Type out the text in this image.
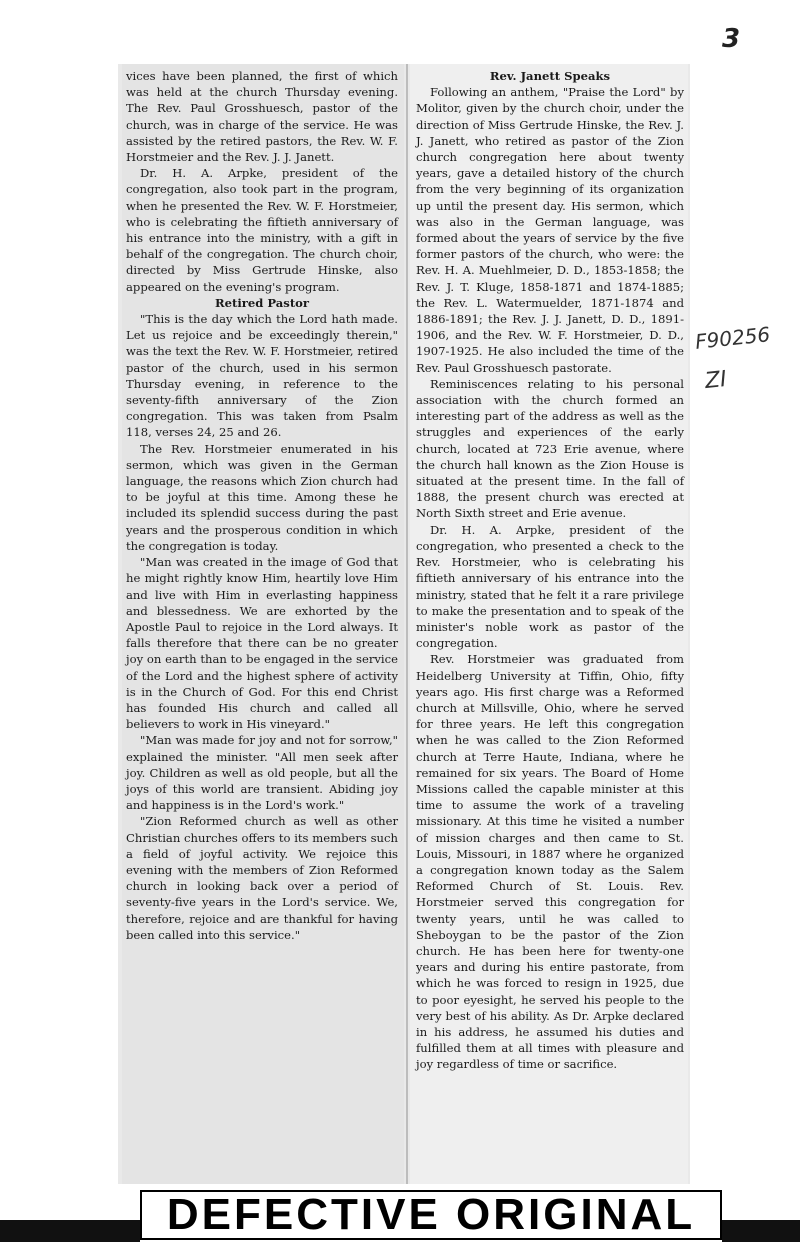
3
F90256
ZI

vices have been planned, the first of which was held at the church Thursday evening. The Rev. Paul Grosshuesch, pastor of the church, was in charge of the service. He was assisted by the retired pastors, the Rev. W. F. Horstmeier and the Rev. J. J. Janett.

Dr. H. A. Arpke, president of the congregation, also took part in the program, when he presented the Rev. W. F. Horstmeier, who is celebrating the fiftieth anniversary of his entrance into the ministry, with a gift in behalf of the congregation. The church choir, directed by Miss Gertrude Hinske, also appeared on the evening's program.

Retired Pastor

"This is the day which the Lord hath made. Let us rejoice and be exceedingly therein," was the text the Rev. W. F. Horstmeier, retired pastor of the church, used in his sermon Thursday evening, in reference to the seventy-fifth anniversary of the Zion congregation. This was taken from Psalm 118, verses 24, 25 and 26.

The Rev. Horstmeier enumerated in his sermon, which was given in the German language, the reasons which Zion church had to be joyful at this time. Among these he included its splendid success during the past years and the prosperous condition in which the congregation is today.

"Man was created in the image of God that he might rightly know Him, heartily love Him and live with Him in everlasting happiness and blessedness. We are exhorted by the Apostle Paul to rejoice in the Lord always. It falls therefore that there can be no greater joy on earth than to be engaged in the service of the Lord and the highest sphere of activity is in the Church of God. For this end Christ has founded His church and called all believers to work in His vineyard."

"Man was made for joy and not for sorrow," explained the minister. "All men seek after joy. Children as well as old people, but all the joys of this world are transient. Abiding joy and happiness is in the Lord's work."

"Zion Reformed church as well as other Christian churches offers to its members such a field of joyful activity. We rejoice this evening with the members of Zion Reformed church in looking back over a period of seventy-five years in the Lord's service. We, therefore, rejoice and are thankful for having been called into this service."

Rev. Janett Speaks

Following an anthem, "Praise the Lord" by Molitor, given by the church choir, under the direction of Miss Gertrude Hinske, the Rev. J. J. Janett, who retired as pastor of the Zion church congregation here about twenty years, gave a detailed history of the church from the very beginning of its organization up until the present day. His sermon, which was also in the German language, was formed about the years of service by the five former pastors of the church, who were: the Rev. H. A. Muehlmeier, D. D., 1853-1858; the Rev. J. T. Kluge, 1858-1871 and 1874-1885; the Rev. L. Watermuelder, 1871-1874 and 1886-1891; the Rev. J. J. Janett, D. D., 1891-1906, and the Rev. W. F. Horstmeier, D. D., 1907-1925. He also included the time of the Rev. Paul Grosshuesch pastorate.

Reminiscences relating to his personal association with the church formed an interesting part of the address as well as the struggles and experiences of the early church, located at 723 Erie avenue, where the church hall known as the Zion House is situated at the present time. In the fall of 1888, the present church was erected at North Sixth street and Erie avenue.

Dr. H. A. Arpke, president of the congregation, who presented a check to the Rev. Horstmeier, who is celebrating his fiftieth anniversary of his entrance into the ministry, stated that he felt it a rare privilege to make the presentation and to speak of the minister's noble work as pastor of the congregation.

Rev. Horstmeier was graduated from Heidelberg University at Tiffin, Ohio, fifty years ago. His first charge was a Reformed church at Millsville, Ohio, where he served for three years. He left this congregation when he was called to the Zion Reformed church at Terre Haute, Indiana, where he remained for six years. The Board of Home Missions called the capable minister at this time to assume the work of a traveling missionary. At this time he visited a number of mission charges and then came to St. Louis, Missouri, in 1887 where he organized a congregation known today as the Salem Reformed Church of St. Louis. Rev. Horstmeier served this congregation for twenty years, until he was called to Sheboygan to be the pastor of the Zion church. He has been here for twenty-one years and during his entire pastorate, from which he was forced to resign in 1925, due to poor eyesight, he served his people to the very best of his ability. As Dr. Arpke declared in his address, he assumed his duties and fulfilled them at all times with pleasure and joy regardless of time or sacrifice.

DEFECTIVE ORIGINAL
